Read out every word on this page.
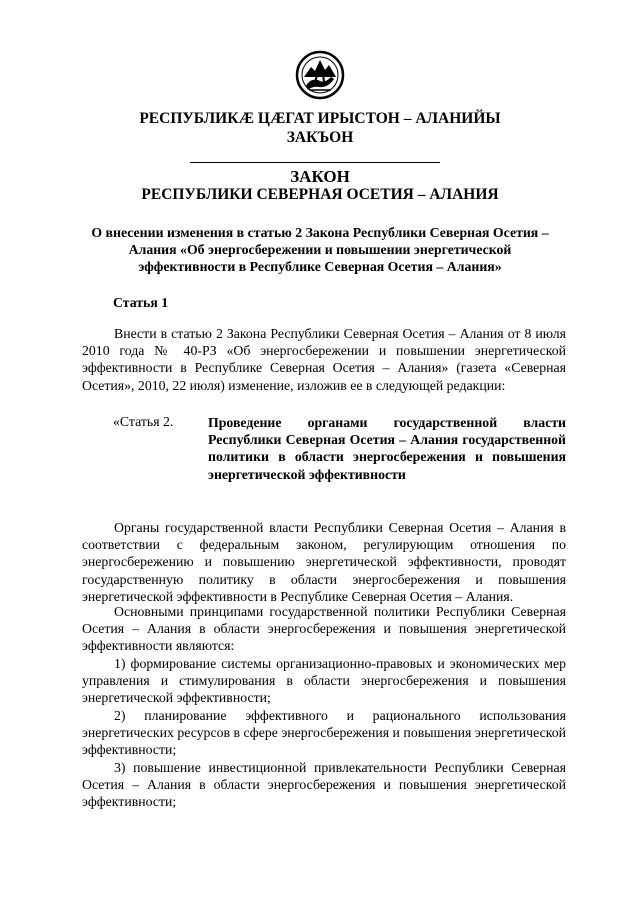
РЕСПУБЛИКӔ ЦӔГАТ ИРЫСТОН – АЛАНИЙЫ
ЗАКЪОН
ЗАКОН
РЕСПУБЛИКИ СЕВЕРНАЯ ОСЕТИЯ – АЛАНИЯ
О внесении изменения в статью 2 Закона Республики Северная Осетия – Алания «Об энергосбережении и повышении энергетической эффективности в Республике Северная Осетия – Алания»
Статья 1
Внести в статью 2 Закона Республики Северная Осетия – Алания от 8 июля 2010 года № 40-РЗ «Об энергосбережении и повышении энергетической эффективности в Республике Северная Осетия – Алания» (газета «Северная Осетия», 2010, 22 июля) изменение, изложив ее в следующей редакции:
«Статья 2.	Проведение органами государственной власти Республики Северная Осетия – Алания государственной политики в области энергосбережения и повышения энергетической эффективности
Органы государственной власти Республики Северная Осетия – Алания в соответствии с федеральным законом, регулирующим отношения по энергосбережению и повышению энергетической эффективности, проводят государственную политику в области энергосбережения и повышения энергетической эффективности в Республике Северная Осетия – Алания.
Основными принципами государственной политики Республики Северная Осетия – Алания в области энергосбережения и повышения энергетической эффективности являются:
1) формирование системы организационно-правовых и экономических мер управления и стимулирования в области энергосбережения и повышения энергетической эффективности;
2) планирование эффективного и рационального использования энергетических ресурсов в сфере энергосбережения и повышения энергетической эффективности;
3) повышение инвестиционной привлекательности Республики Северная Осетия – Алания в области энергосбережения и повышения энергетической эффективности;
